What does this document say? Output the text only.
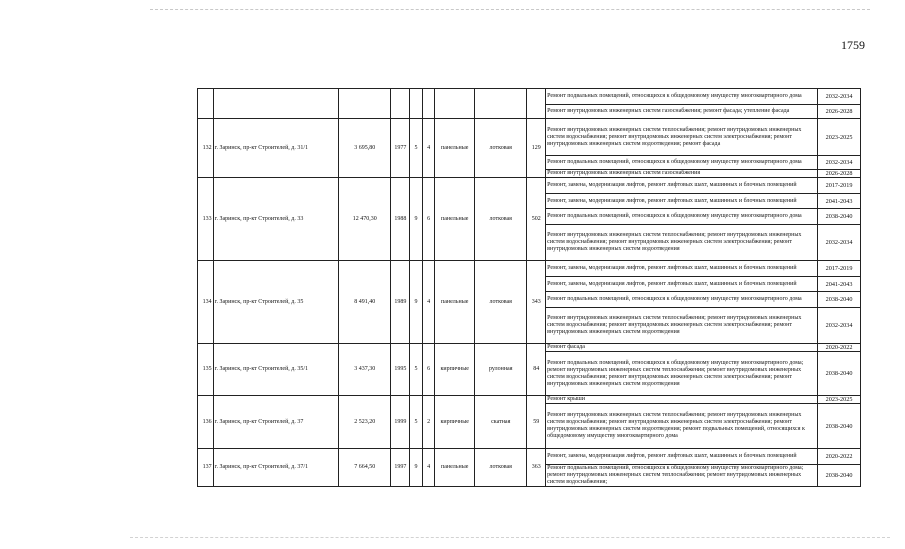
1759
									Ремонт подвальных помещений, относящихся к общедомовому имуществу многоквартирного дома	2032-2034
									Ремонт внутридомовых инженерных систем газоснабжения; ремонт фасада; утепление фасада	2026-2028
132	г. Заринск, пр-кт Строителей, д. 31/1	3 695,80	1977	5	4	панельные	лотковая	129	Ремонт внутридомовых инженерных систем теплоснабжения; ремонт внутридомовых инженерных систем водоснабжения; ремонт внутридомовых инженерных систем электроснабжения; ремонт внутридомовых инженерных систем водоотведения; ремонт фасада	2023-2025
									Ремонт подвальных помещений, относящихся к общедомовому имуществу многоквартирного дома	2032-2034
									Ремонт внутридомовых инженерных систем газоснабжения	2026-2028
133	г. Заринск, пр-кт Строителей, д. 33	12 470,30	1988	9	6	панельные	лотковая	502	Ремонт, замена, модернизация лифтов, ремонт лифтовых шахт, машинных и блочных помещений	2017-2019
									Ремонт, замена, модернизация лифтов, ремонт лифтовых шахт, машинных и блочных помещений	2041-2043
									Ремонт подвальных помещений, относящихся к общедомовому имуществу многоквартирного дома	2038-2040
									Ремонт внутридомовых инженерных систем теплоснабжения; ремонт внутридомовых инженерных систем водоснабжения; ремонт внутридомовых инженерных систем электроснабжения; ремонт внутридомовых инженерных систем водоотведения	2032-2034
134	г. Заринск, пр-кт Строителей, д. 35	8 491,40	1989	9	4	панельные	лотковая	343	Ремонт, замена, модернизация лифтов, ремонт лифтовых шахт, машинных и блочных помещений	2017-2019
									Ремонт, замена, модернизация лифтов, ремонт лифтовых шахт, машинных и блочных помещений	2041-2043
									Ремонт подвальных помещений, относящихся к общедомовому имуществу многоквартирного дома	2038-2040
									Ремонт внутридомовых инженерных систем теплоснабжения; ремонт внутридомовых инженерных систем водоснабжения; ремонт внутридомовых инженерных систем электроснабжения; ремонт внутридомовых инженерных систем водоотведения	2032-2034
135	г. Заринск, пр-кт Строителей, д. 35/1	3 437,30	1995	5	6	кирпичные	рулонная	84	Ремонт фасада	2020-2022
									Ремонт подвальных помещений, относящихся к общедомовому имуществу многоквартирного дома; ремонт внутридомовых инженерных систем теплоснабжения; ремонт внутридомовых инженерных систем водоснабжения; ремонт внутридомовых инженерных систем электроснабжения; ремонт внутридомовых инженерных систем водоотведения	2038-2040
136	г. Заринск, пр-кт Строителей, д. 37	2 523,20	1999	5	2	кирпичные	скатная	59	Ремонт крыши	2023-2025
									Ремонт внутридомовых инженерных систем теплоснабжения; ремонт внутридомовых инженерных систем водоснабжения; ремонт внутридомовых инженерных систем электроснабжения; ремонт внутридомовых инженерных систем водоотведения; ремонт подвальных помещений, относящихся к общедомовому имуществу многоквартирного дома	2038-2040
137	г. Заринск, пр-кт Строителей, д. 37/1	7 664,50	1997	9	4	панельные	лотковая	363	Ремонт, замена, модернизация лифтов, ремонт лифтовых шахт, машинных и блочных помещений	2020-2022
									Ремонт подвальных помещений, относящихся к общедомовому имуществу многоквартирного дома; ремонт внутридомовых инженерных систем теплоснабжения; ремонт внутридомовых инженерных систем водоснабжения;	2038-2040
